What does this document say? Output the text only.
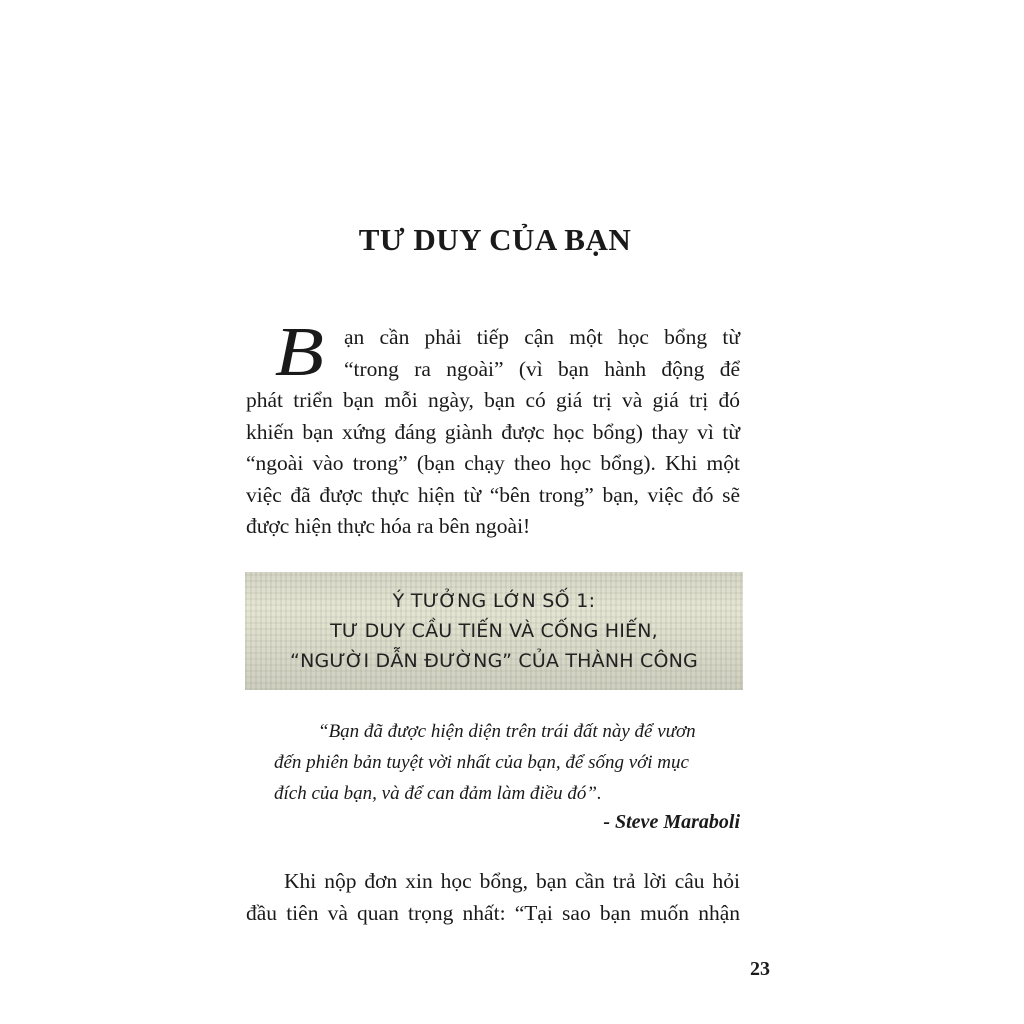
TƯ DUY CỦA BẠN
B ạn cần phải tiếp cận một học bổng từ
“trong ra ngoài” (vì bạn hành động để
phát triển bạn mỗi ngày, bạn có giá trị và giá trị đó
khiến bạn xứng đáng giành được học bổng) thay vì từ
“ngoài vào trong” (bạn chạy theo học bổng). Khi một
việc đã được thực hiện từ “bên trong” bạn, việc đó sẽ
được hiện thực hóa ra bên ngoài!
Ý TƯỞNG LỚN SỐ 1:
TƯ DUY CẦU TIẾN VÀ CỐNG HIẾN,
“NGƯỜI DẪN ĐƯỜNG” CỦA THÀNH CÔNG
“Bạn đã được hiện diện trên trái đất này để vươn
đến phiên bản tuyệt vời nhất của bạn, để sống với mục
đích của bạn, và để can đảm làm điều đó”.
- Steve Maraboli
Khi nộp đơn xin học bổng, bạn cần trả lời câu hỏi
đầu tiên và quan trọng nhất: “Tại sao bạn muốn nhận
23
